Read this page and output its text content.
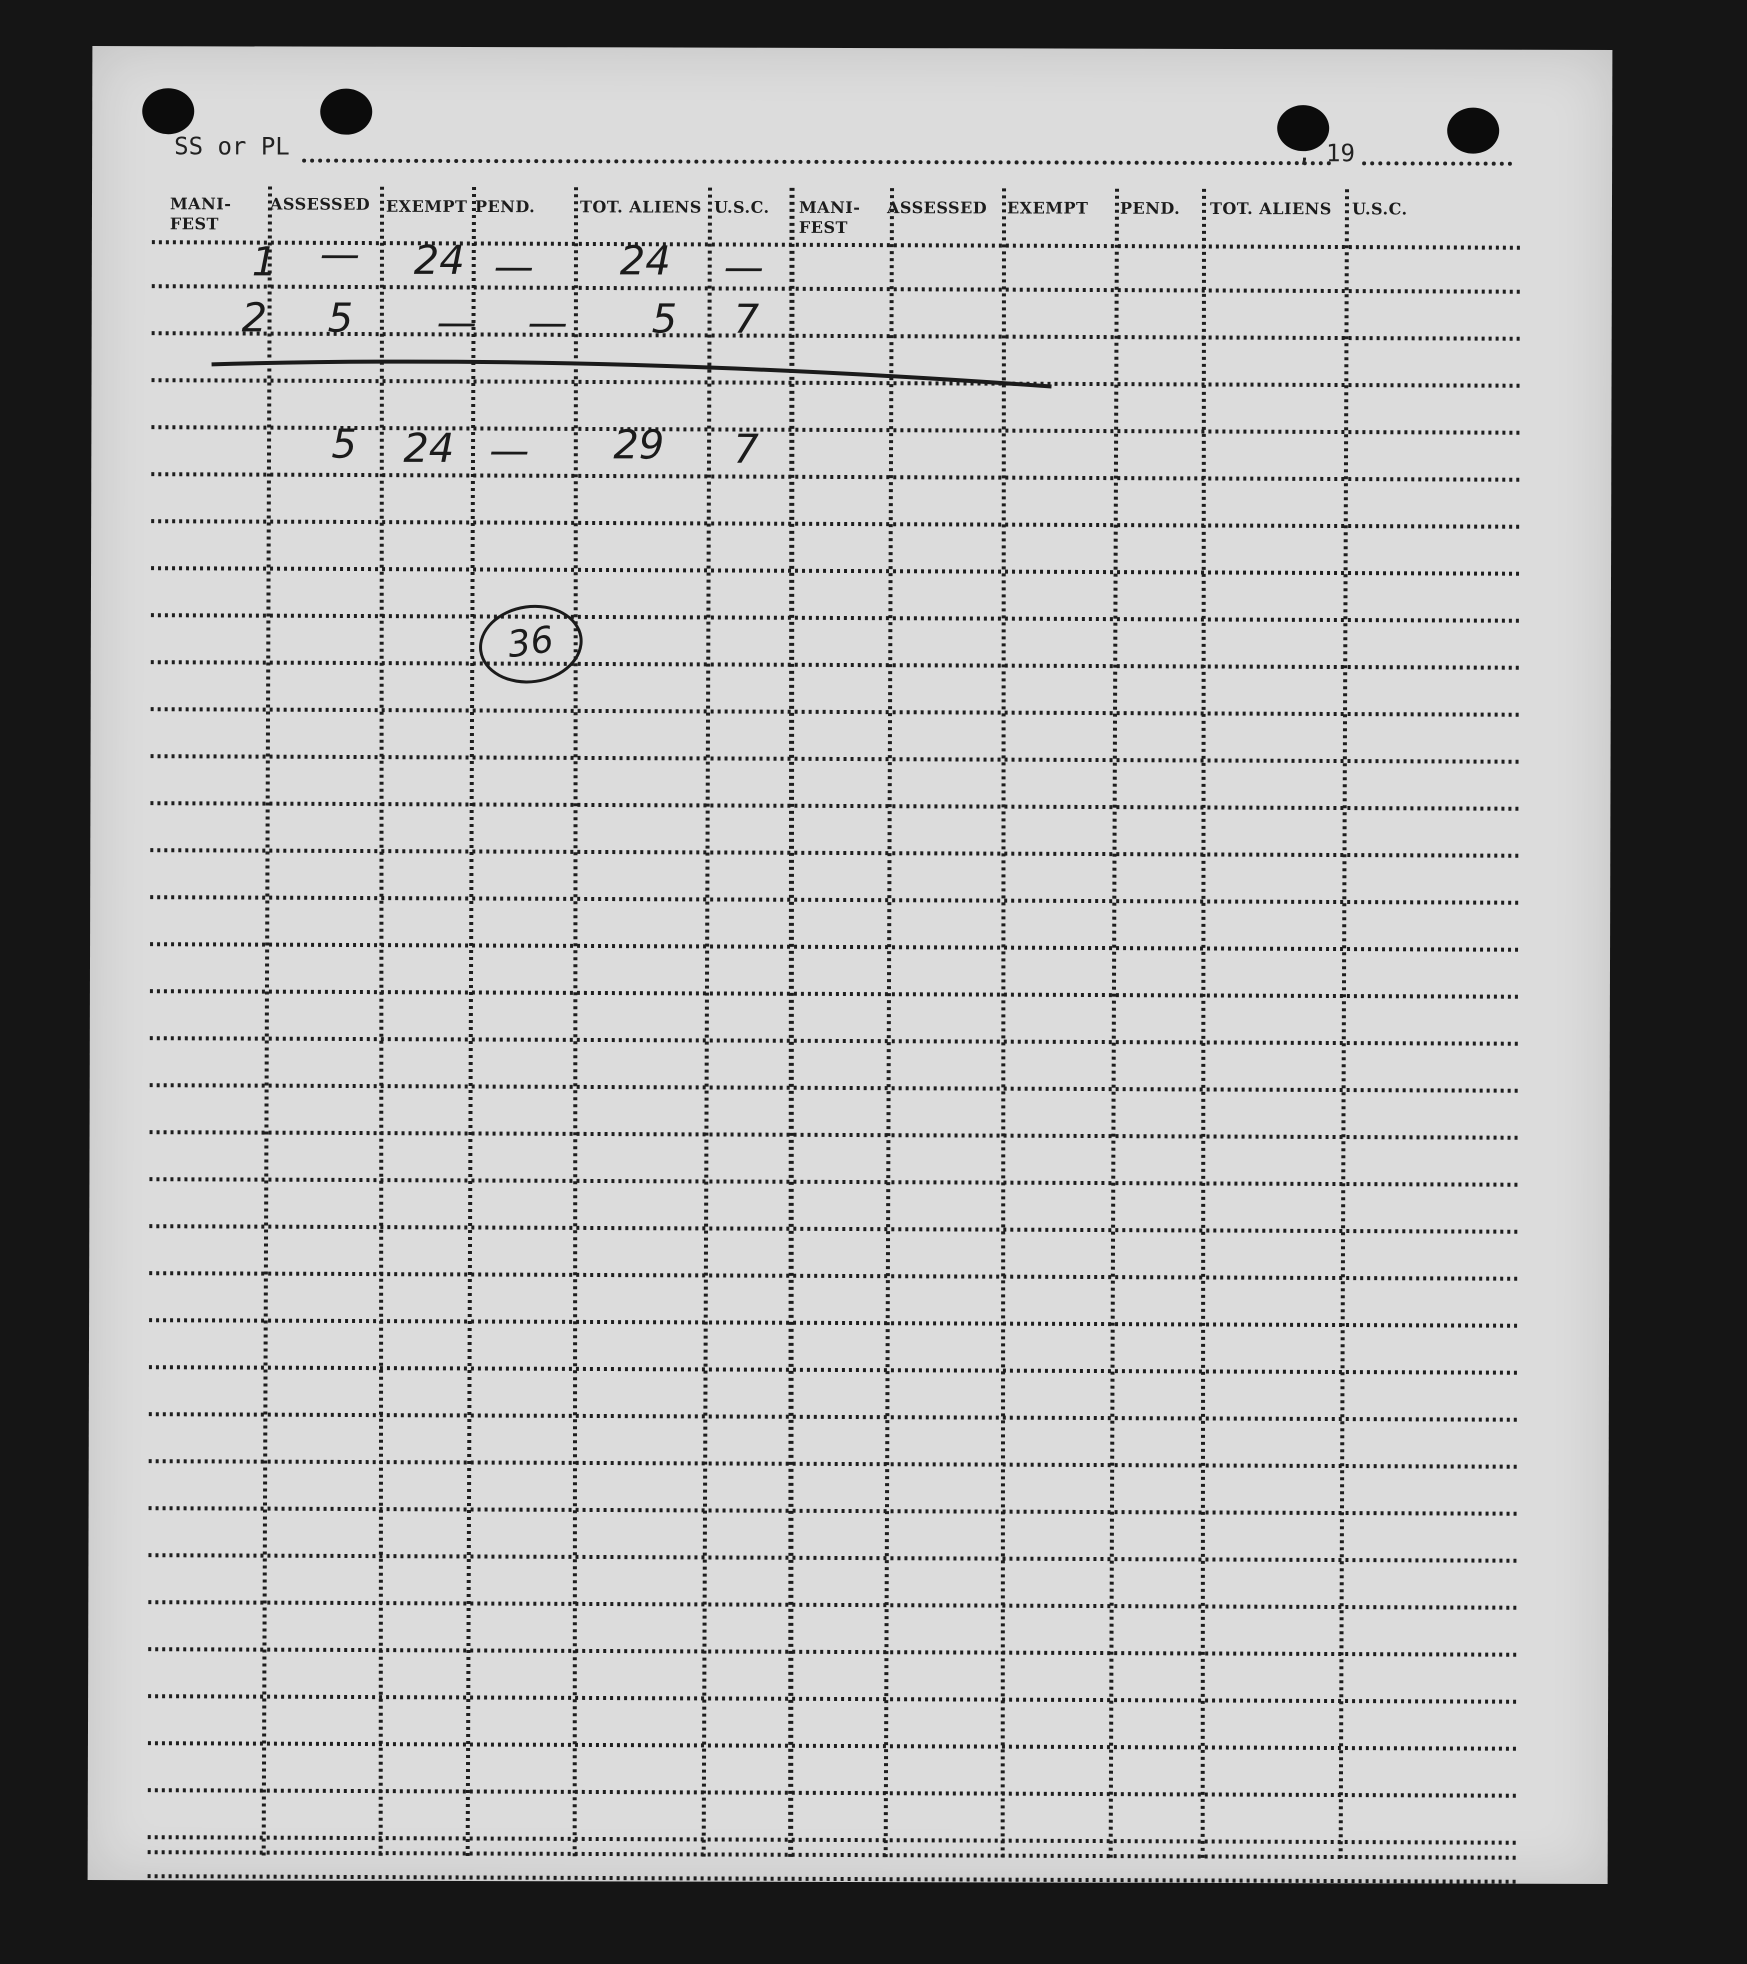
SS or PL	, 19
MANI-
FEST
ASSESSED EXEMPT PEND.	TOT. ALIENS U.S.C. MANI-
FEST
ASSESSED EXEMPT PEND. TOT. ALIENS U.S.C.
1 — 24 — 24 —
2 5 — — 5 7
5 24 — 29 7
36
